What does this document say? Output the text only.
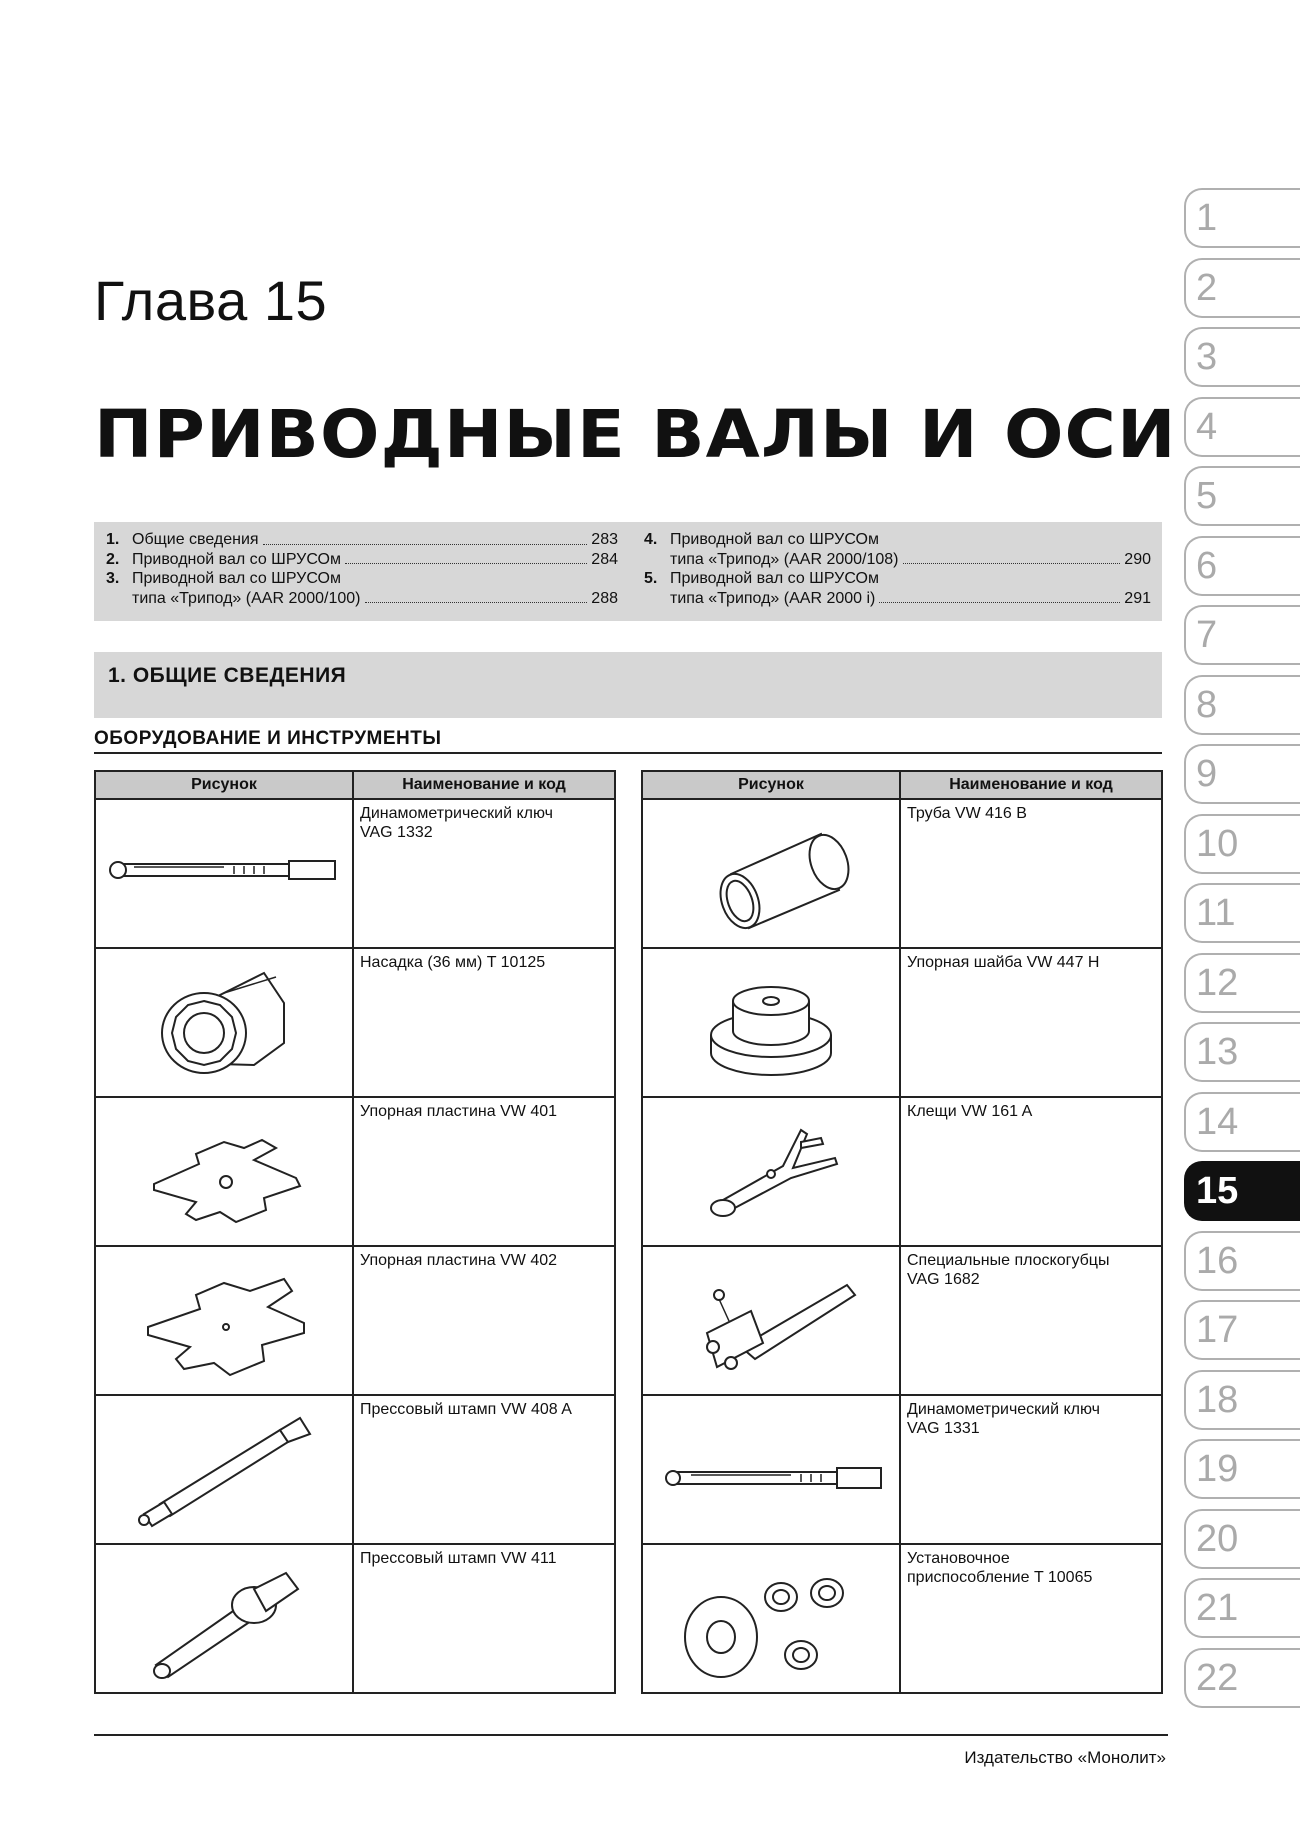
Глава 15
ПРИВОДНЫЕ ВАЛЫ И ОСИ
1. Общие сведения	283
2. Приводной вал со ШРУСОм	284
3. Приводной вал со ШРУСОм
типа «Трипод» (AAR 2000/100)	288
4. Приводной вал со ШРУСОм
типа «Трипод» (AAR 2000/108)	290
5. Приводной вал со ШРУСОм
типа «Трипод» (AAR 2000 i)	291
1. ОБЩИЕ СВЕДЕНИЯ
ОБОРУДОВАНИЕ И ИНСТРУМЕНТЫ
Рисунок	Наименование и код
Динамометрический ключ
VAG 1332
Насадка (36 мм) T 10125
Упорная пластина VW 401
Упорная пластина VW 402
Прессовый штамп VW 408 A
Прессовый штамп VW 411
Рисунок	Наименование и код
Труба VW 416 B
Упорная шайба VW 447 H
Клещи VW 161 A
Специальные плоскогубцы
VAG 1682
Динамометрический ключ
VAG 1331
Установочное
приспособление T 10065
1
2
3
4
5
6
7
8
9
10
11
12
13
14
15
16
17
18
19
20
21
22
Издательство «Монолит»
